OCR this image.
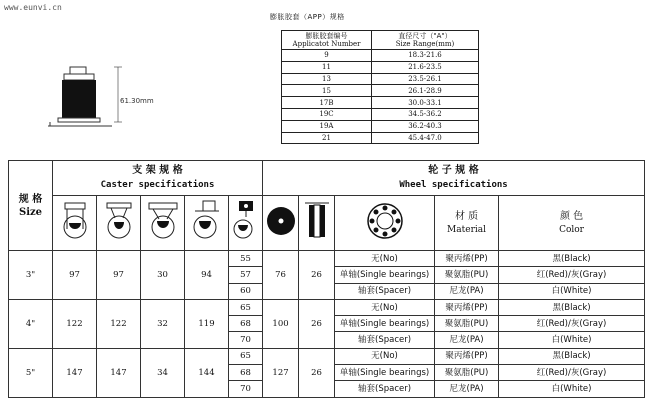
www.eunvi.cn
膨胀胶套（APP）规格
61.30mm
膨胀胶套编号
Applicatot Number	直径尺寸（"A"）
Size Range(mm)
9	18.3-21.6
11	21.6-23.5
13	23.5-26.1
15	26.1-28.9
17B	30.0-33.1
19C	34.5-36.2
19A	36.2-40.3
21	45.4-47.0
规 格
Size	支 架 规 格
Caster specifications					轮 子 规 格
Wheel specifications				
								材 质
Material	颜 色
Color
3"	97	97	30	94	55	76	26	无(No)	聚丙烯(PP)	黑(Black)
					57			单轴(Single bearings)	聚氨脂(PU)	红(Red)/灰(Gray)
					60			轴套(Spacer)	尼龙(PA)	白(White)
4"	122	122	32	119	65	100	26	无(No)	聚丙烯(PP)	黑(Black)
					68			单轴(Single bearings)	聚氨脂(PU)	红(Red)/灰(Gray)
					70			轴套(Spacer)	尼龙(PA)	白(White)
5"	147	147	34	144	65	127	26	无(No)	聚丙烯(PP)	黑(Black)
					68			单轴(Single bearings)	聚氨脂(PU)	红(Red)/灰(Gray)
					70			轴套(Spacer)	尼龙(PA)	白(White)
